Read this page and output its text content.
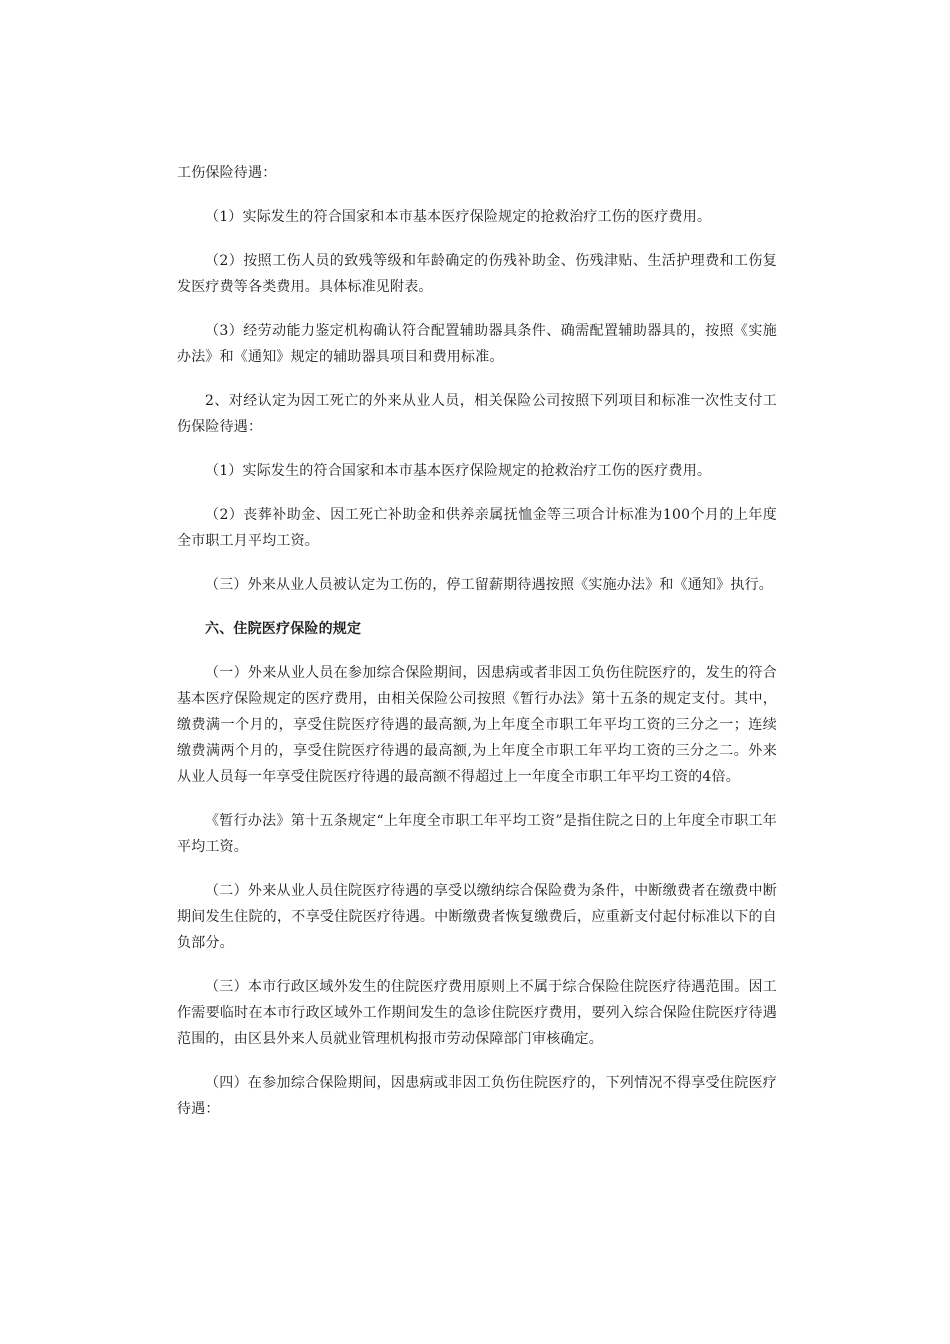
工伤保险待遇：

（1）实际发生的符合国家和本市基本医疗保险规定的抢救治疗工伤的医疗费用。

（2）按照工伤人员的致残等级和年龄确定的伤残补助金、伤残津贴、生活护理费和工伤复发医疗费等各类费用。具体标准见附表。

（3）经劳动能力鉴定机构确认符合配置辅助器具条件、确需配置辅助器具的，按照《实施办法》和《通知》规定的辅助器具项目和费用标准。

2、对经认定为因工死亡的外来从业人员，相关保险公司按照下列项目和标准一次性支付工伤保险待遇：

（1）实际发生的符合国家和本市基本医疗保险规定的抢救治疗工伤的医疗费用。

（2）丧葬补助金、因工死亡补助金和供养亲属抚恤金等三项合计标准为100个月的上年度全市职工月平均工资。

（三）外来从业人员被认定为工伤的，停工留薪期待遇按照《实施办法》和《通知》执行。

六、住院医疗保险的规定

（一）外来从业人员在参加综合保险期间，因患病或者非因工负伤住院医疗的，发生的符合基本医疗保险规定的医疗费用，由相关保险公司按照《暂行办法》第十五条的规定支付。其中，缴费满一个月的，享受住院医疗待遇的最高额,为上年度全市职工年平均工资的三分之一；连续缴费满两个月的，享受住院医疗待遇的最高额,为上年度全市职工年平均工资的三分之二。外来从业人员每一年享受住院医疗待遇的最高额不得超过上一年度全市职工年平均工资的4倍。

《暂行办法》第十五条规定“上年度全市职工年平均工资”是指住院之日的上年度全市职工年平均工资。

（二）外来从业人员住院医疗待遇的享受以缴纳综合保险费为条件，中断缴费者在缴费中断期间发生住院的，不享受住院医疗待遇。中断缴费者恢复缴费后，应重新支付起付标准以下的自负部分。

（三）本市行政区域外发生的住院医疗费用原则上不属于综合保险住院医疗待遇范围。因工作需要临时在本市行政区域外工作期间发生的急诊住院医疗费用，要列入综合保险住院医疗待遇范围的，由区县外来人员就业管理机构报市劳动保障部门审核确定。

（四）在参加综合保险期间，因患病或非因工负伤住院医疗的，下列情况不得享受住院医疗待遇：
